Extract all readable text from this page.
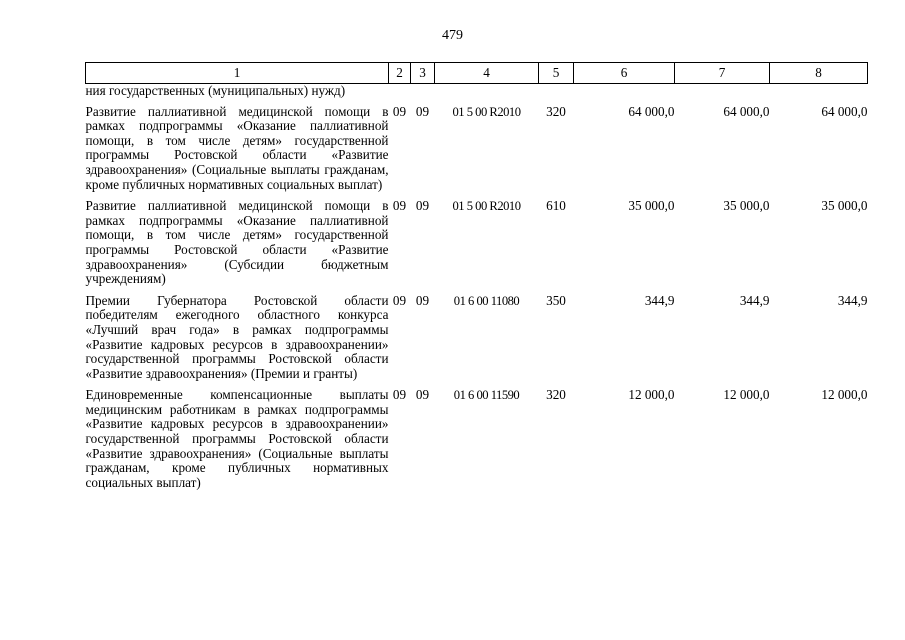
479
1	2	3	4	5	6	7	8
ния государственных (муниципальных) нужд)							
Развитие паллиативной медицинской помощи в рамках подпрограммы «Оказание паллиативной помощи, в том числе детям» государственной программы Ростовской области «Развитие здравоохранения» (Социальные выплаты гражданам, кроме публичных нормативных социальных выплат)	09	09	01 5 00 R2010	320	64 000,0	64 000,0	64 000,0
Развитие паллиативной медицинской помощи в рамках подпрограммы «Оказание паллиативной помощи, в том числе детям» государственной программы Ростовской области «Развитие здравоохранения» (Субсидии бюджетным учреждениям)	09	09	01 5 00 R2010	610	35 000,0	35 000,0	35 000,0
Премии Губернатора Ростовской области победителям ежегодного областного конкурса «Лучший врач года» в рамках подпрограммы «Развитие кадровых ресурсов в здравоохранении» государственной программы Ростовской области «Развитие здравоохранения» (Премии и гранты)	09	09	01 6 00 11080	350	344,9	344,9	344,9
Единовременные компенсационные выплаты медицинским работникам в рамках подпрограммы «Развитие кадровых ресурсов в здравоохранении» государственной программы Ростовской области «Развитие здравоохранения» (Социальные выплаты гражданам, кроме публичных нормативных социальных выплат)	09	09	01 6 00 11590	320	12 000,0	12 000,0	12 000,0
